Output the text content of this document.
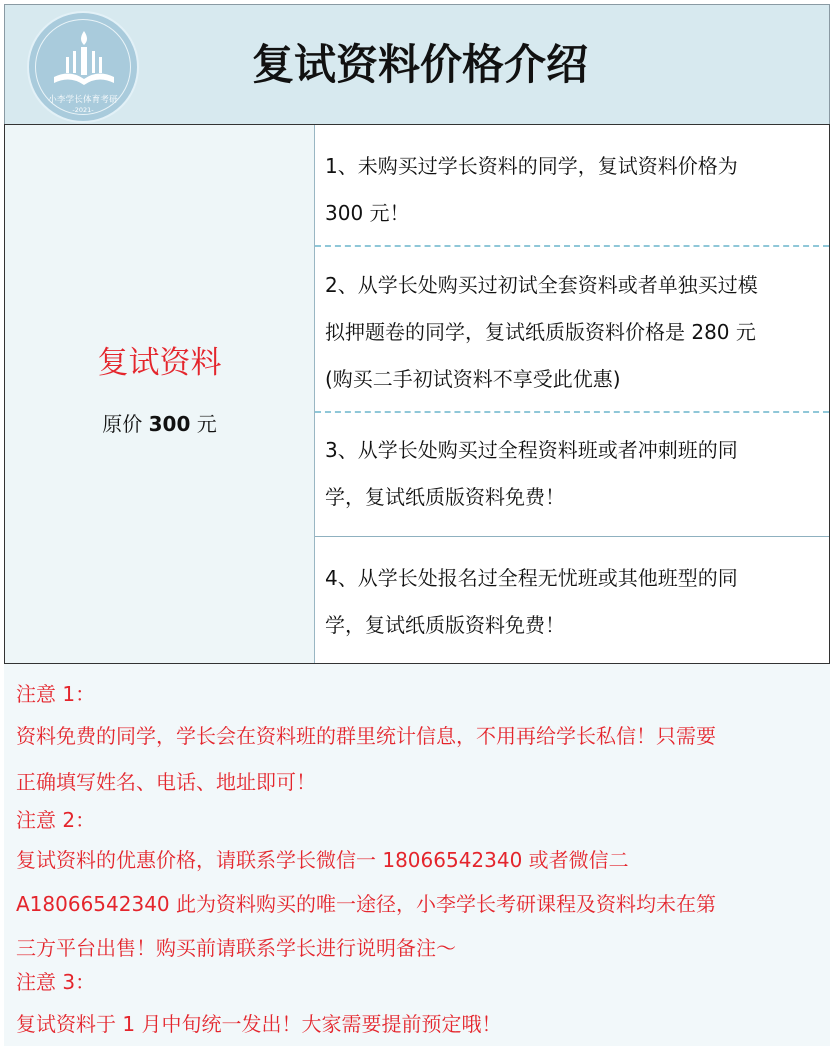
小李学长体育考研
-2021-
复试资料价格介绍
复试资料
原价 300 元
1、未购买过学长资料的同学，复试资料价格为
300 元！
2、从学长处购买过初试全套资料或者单独买过模
拟押题卷的同学，复试纸质版资料价格是 280 元
(购买二手初试资料不享受此优惠)
3、从学长处购买过全程资料班或者冲刺班的同
学，复试纸质版资料免费！
4、从学长处报名过全程无忧班或其他班型的同
学，复试纸质版资料免费！
注意 1：
资料免费的同学，学长会在资料班的群里统计信息，不用再给学长私信！只需要
正确填写姓名、电话、地址即可！
注意 2：
复试资料的优惠价格，请联系学长微信一 18066542340 或者微信二
A18066542340 此为资料购买的唯一途径，小李学长考研课程及资料均未在第
三方平台出售！购买前请联系学长进行说明备注～
注意 3：
复试资料于 1 月中旬统一发出！大家需要提前预定哦！
